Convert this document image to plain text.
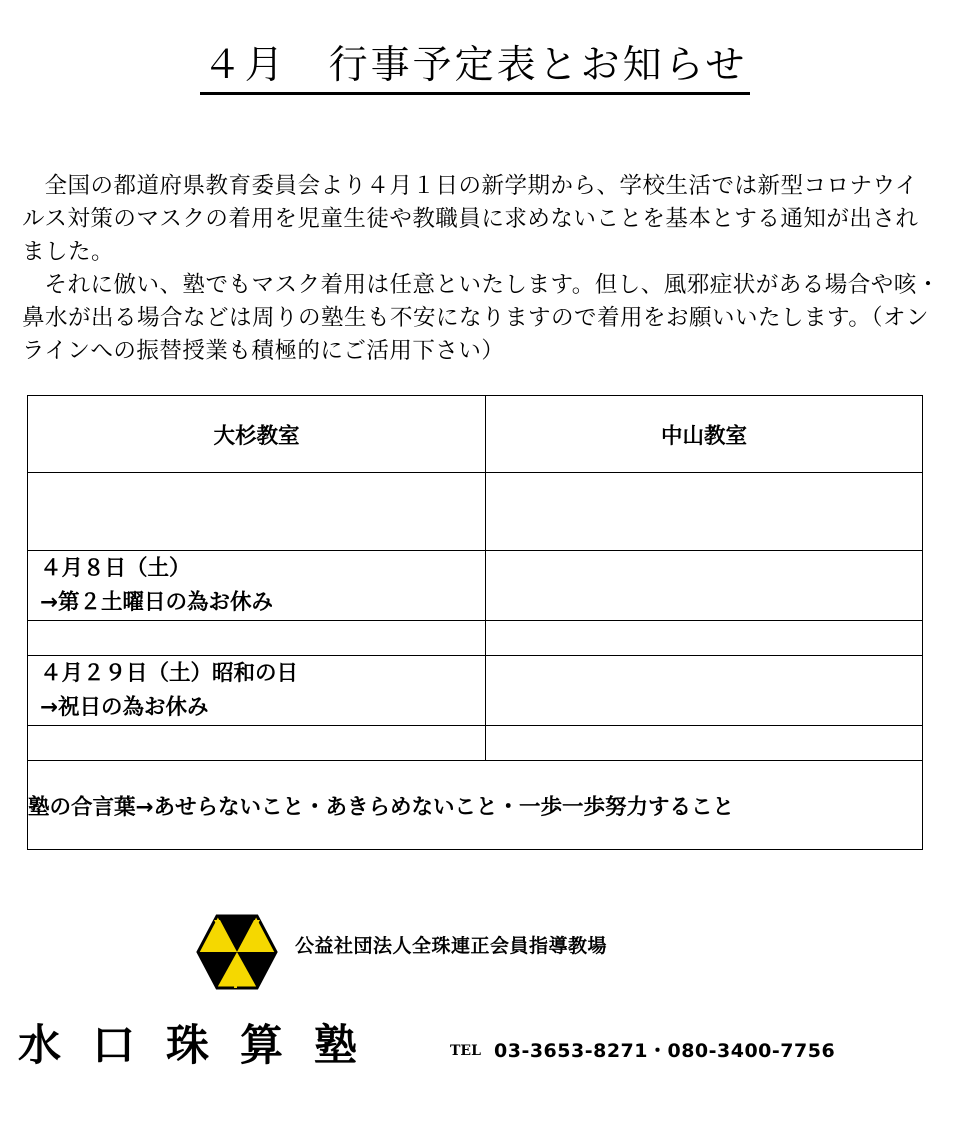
４月　行事予定表とお知らせ

全国の都道府県教育委員会より４月１日の新学期から、学校生活では新型コロナウイルス対策のマスクの着用を児童生徒や教職員に求めないことを基本とする通知が出されました。

それに倣い、塾でもマスク着用は任意といたします。但し、風邪症状がある場合や咳・鼻水が出る場合などは周りの塾生も不安になりますので着用をお願いいたします。（オンラインへの振替授業も積極的にご活用下さい）

大杉教室	中山教室

４月８日（土）
→第２土曜日の為お休み	

４月２９日（土）昭和の日
→祝日の為お休み	

塾の合言葉→あせらないこと・あきらめないこと・一歩一歩努力すること	
公益社団法人全珠連正会員指導教場
水口珠算塾	TEL 03-3653-8271・080-3400-7756
